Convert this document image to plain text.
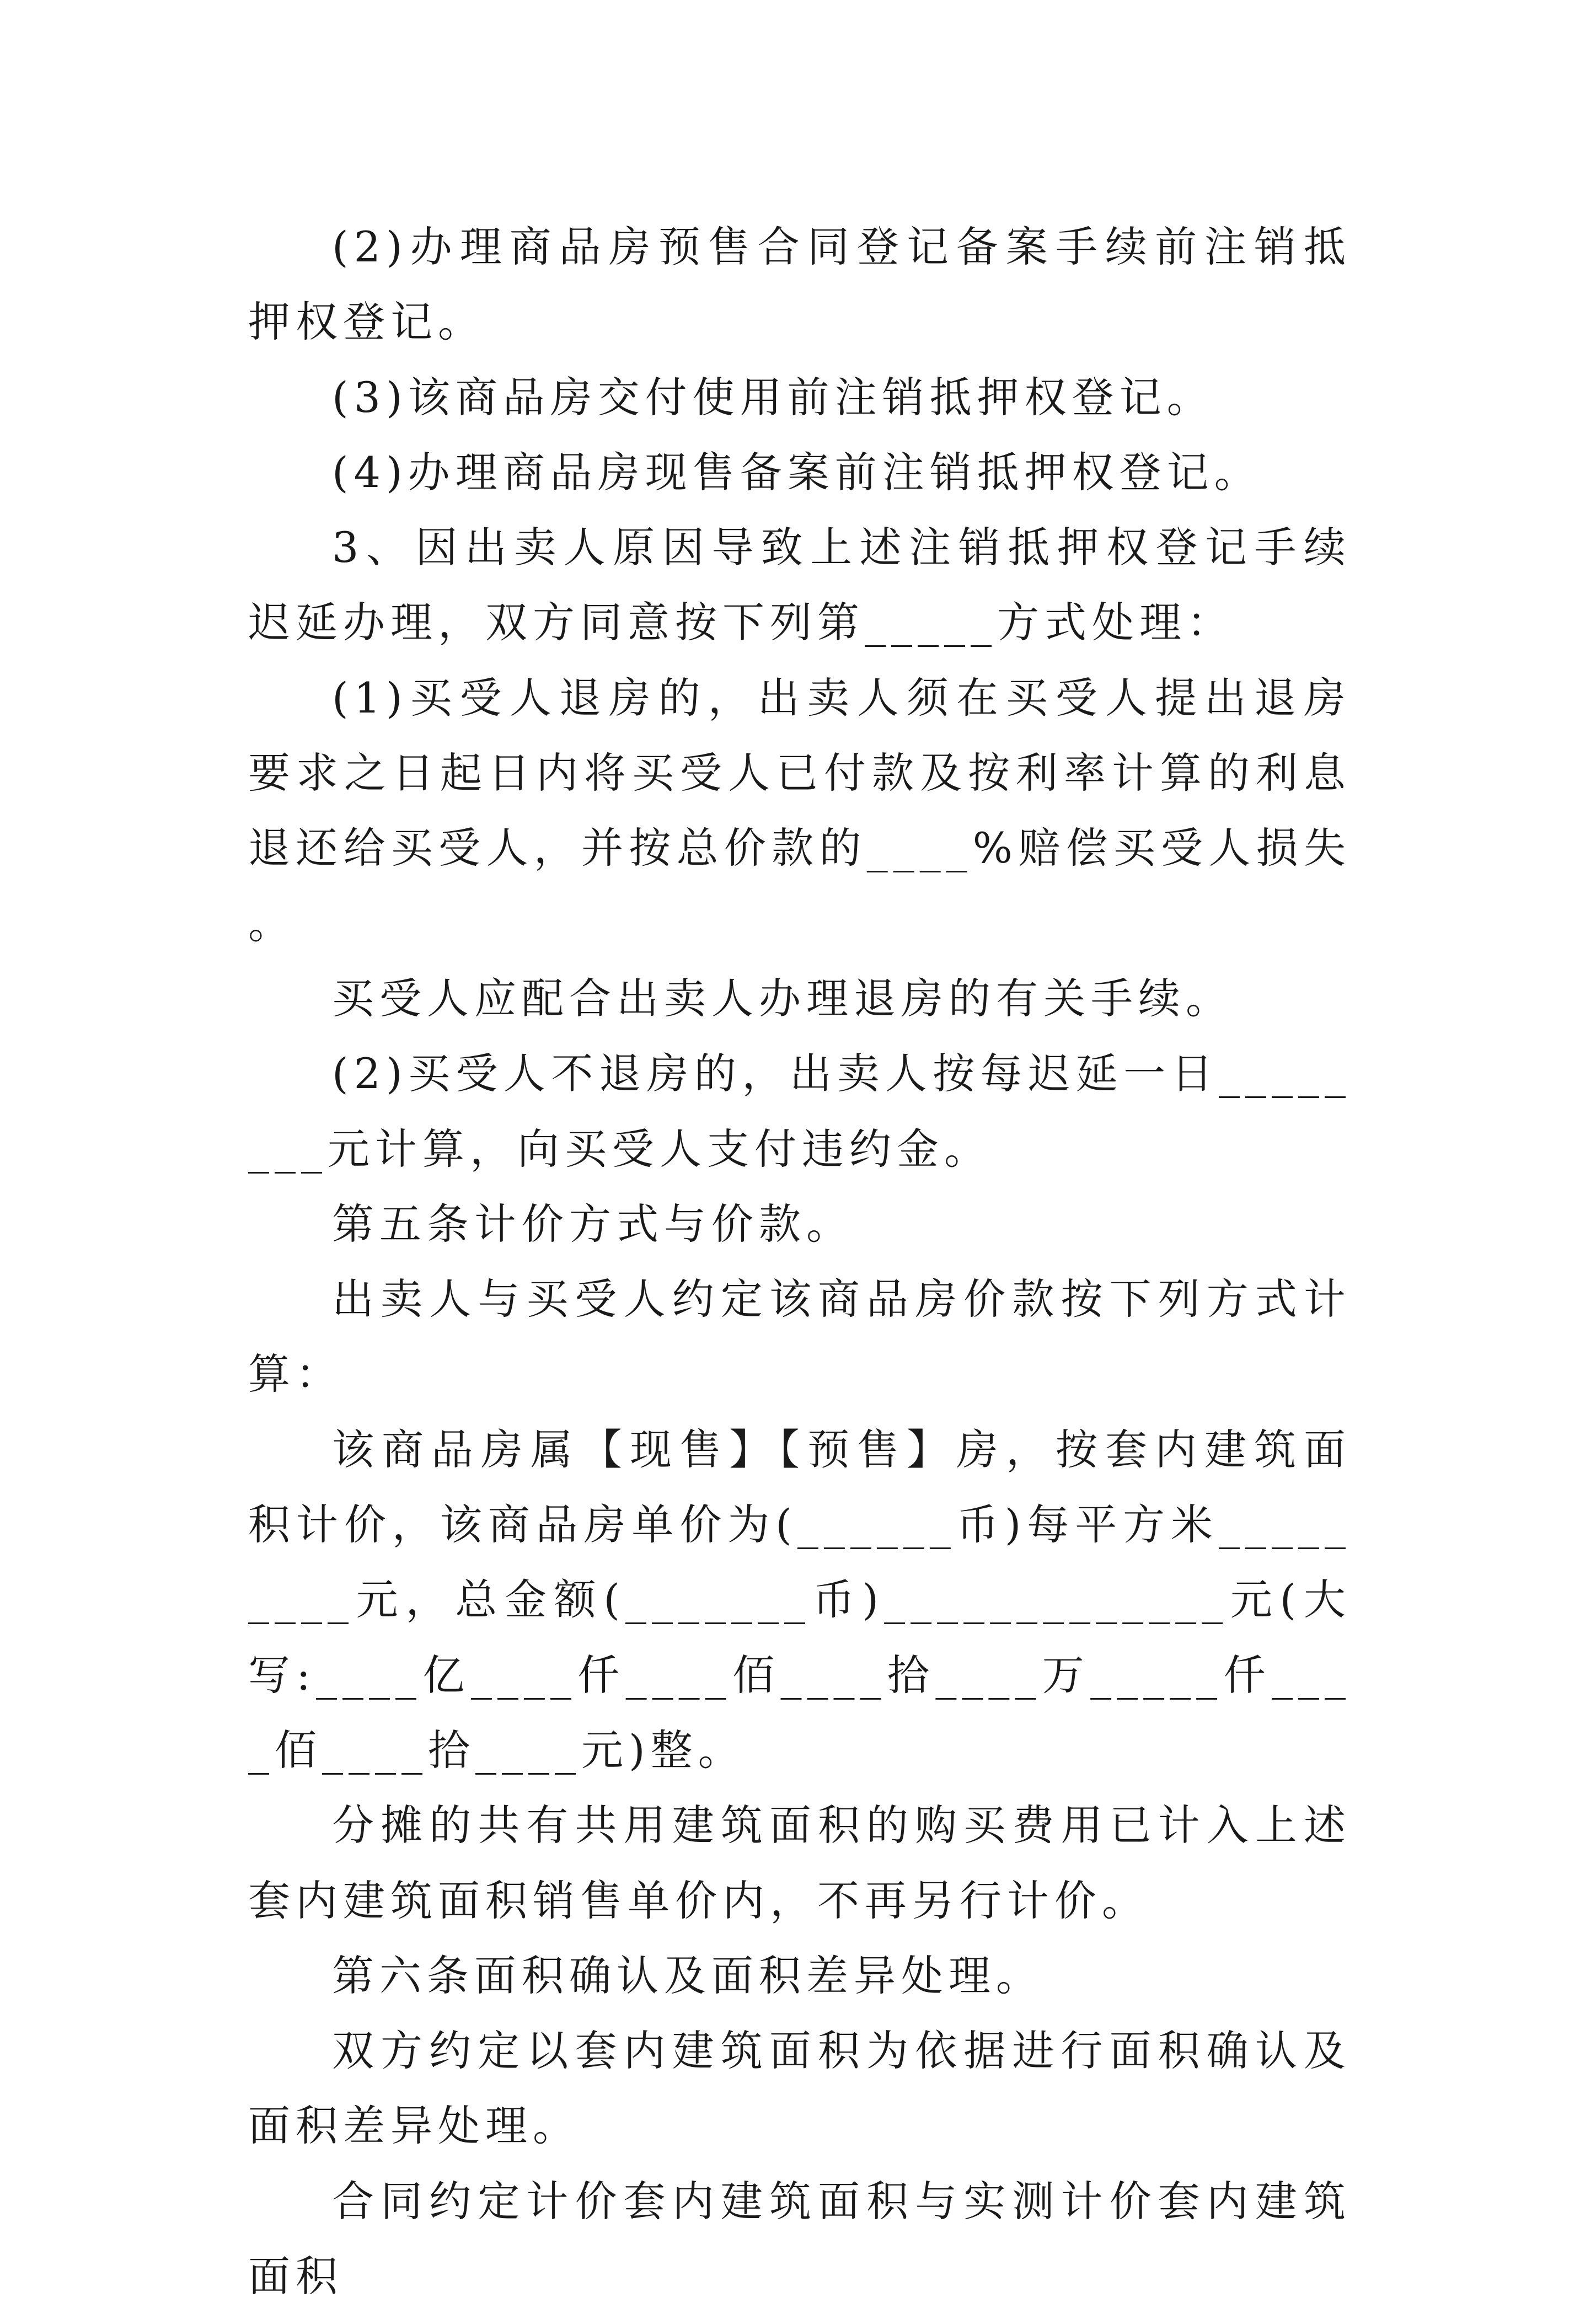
(2)办理商品房预售合同登记备案手续前注销抵押权登记。

(3)该商品房交付使用前注销抵押权登记。

(4)办理商品房现售备案前注销抵押权登记。

3、因出卖人原因导致上述注销抵押权登记手续迟延办理，双方同意按下列第_____方式处理：

(1)买受人退房的，出卖人须在买受人提出退房要求之日起日内将买受人已付款及按利率计算的利息退还给买受人，并按总价款的____%赔偿买受人损失。

买受人应配合出卖人办理退房的有关手续。

(2)买受人不退房的，出卖人按每迟延一日________元计算，向买受人支付违约金。

第五条计价方式与价款。

出卖人与买受人约定该商品房价款按下列方式计算：

该商品房属【现售】【预售】房，按套内建筑面积计价，该商品房单价为(______币)每平方米_________元，总金额(_______币)_____________元(大写:____亿____仟____佰____拾____万_____仟____佰____拾____元)整。

分摊的共有共用建筑面积的购买费用已计入上述套内建筑面积销售单价内，不再另行计价。

第六条面积确认及面积差异处理。

双方约定以套内建筑面积为依据进行面积确认及面积差异处理。

合同约定计价套内建筑面积与实测计价套内建筑面积
